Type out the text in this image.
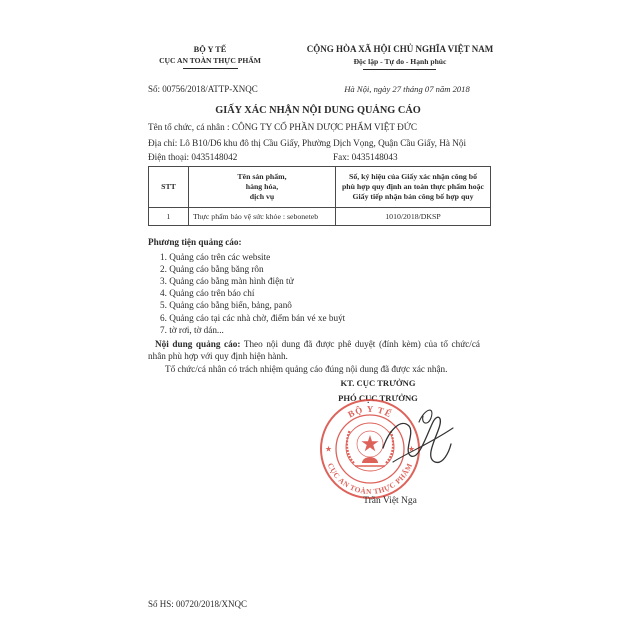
BỘ Y TẾ
CỤC AN TOÀN THỰC PHẨM
Số: 00756/2018/ATTP-XNQC
CỘNG HÒA XÃ HỘI CHỦ NGHĨA VIỆT NAM
Độc lập - Tự do - Hạnh phúc
Hà Nội, ngày 27 tháng 07 năm 2018
GIẤY XÁC NHẬN NỘI DUNG QUẢNG CÁO
Tên tổ chức, cá nhân : CÔNG TY CỔ PHẦN DƯỢC PHẨM VIỆT ĐỨC
Địa chỉ: Lô B10/D6 khu đô thị Cầu Giấy, Phường Dịch Vọng, Quận Cầu Giấy, Hà Nội
Điện thoại: 0435148042	Fax: 0435148043
STT	Tên sản phẩm,
hàng hóa,
dịch vụ	Số, ký hiệu của Giấy xác nhận công bố
phù hợp quy định an toàn thực phẩm hoặc
Giấy tiếp nhận bản công bố hợp quy

1	Thực phẩm bảo vệ sức khỏe : seboneteb	1010/2018/DKSP
Phương tiện quảng cáo:
1. Quảng cáo trên các website
2. Quảng cáo bằng băng rôn
3. Quảng cáo bằng màn hình điện tử
4. Quảng cáo trên báo chí
5. Quảng cáo bằng biển, bảng, panô
6. Quảng cáo tại các nhà chờ, điểm bán vé xe buýt
7. tờ rơi, tờ dán...
Nội dung quảng cáo: Theo nội dung đã được phê duyệt (đính kèm) của tổ chức/cá nhân phù hợp với quy định hiện hành.
Tổ chức/cá nhân có trách nhiệm quảng cáo đúng nội dung đã được xác nhận.
KT. CỤC TRƯỞNG
PHÓ CỤC TRƯỞNG
BỘ Y TẾ
CỤC AN TOÀN THỰC PHẨM
Trần Việt Nga
Số HS: 00720/2018/XNQC
